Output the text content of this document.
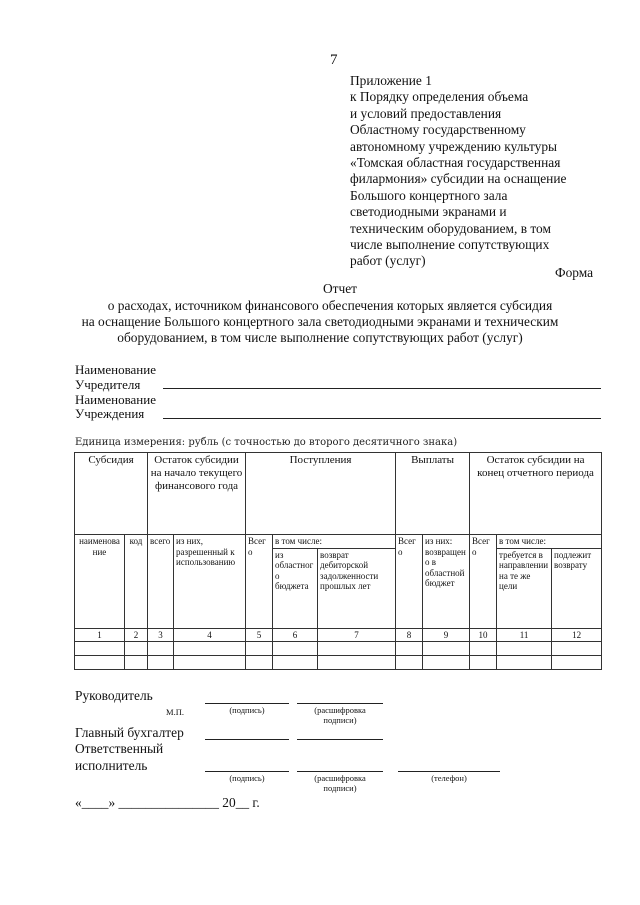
7
Приложение 1
к Порядку определения объема
и условий предоставления
Областному государственному
автономному учреждению культуры
«Томская областная государственная
филармония» субсидии на оснащение
Большого концертного зала
светодиодными экранами и
техническим оборудованием, в том
числе выполнение сопутствующих
работ (услуг)
Форма
Отчет
о расходах, источником финансового обеспечения которых является субсидия
на оснащение Большого концертного зала светодиодными экранами и техническим
оборудованием, в том числе выполнение сопутствующих работ (услуг)
Наименование
Учредителя
Наименование
Учреждения
Единица измерения: рубль (с точностью до второго десятичного знака)
Субсидия		Остаток субсидии на начало текущего финансового года		Поступления			Выплаты		Остаток субсидии на конец отчетного периода		
наименование	код	всего	из них, разрешенный к использованию	Всего	в том числе:		Всего	из них: возвращено в областной бюджет	Всего	в том числе:	
					из областного бюджета	возврат дебиторской задолженности прошлых лет				требуется в направлении на те же цели	подлежит возврату
1	2	3	4	5	6	7	8	9	10	11	12

Руководитель
М.П.	(подпись)	(расшифровка
подписи)
Главный бухгалтер
Ответственный
исполнитель
(подпись)	(расшифровка
подписи)
(телефон)
«____» _______________ 20__ г.
